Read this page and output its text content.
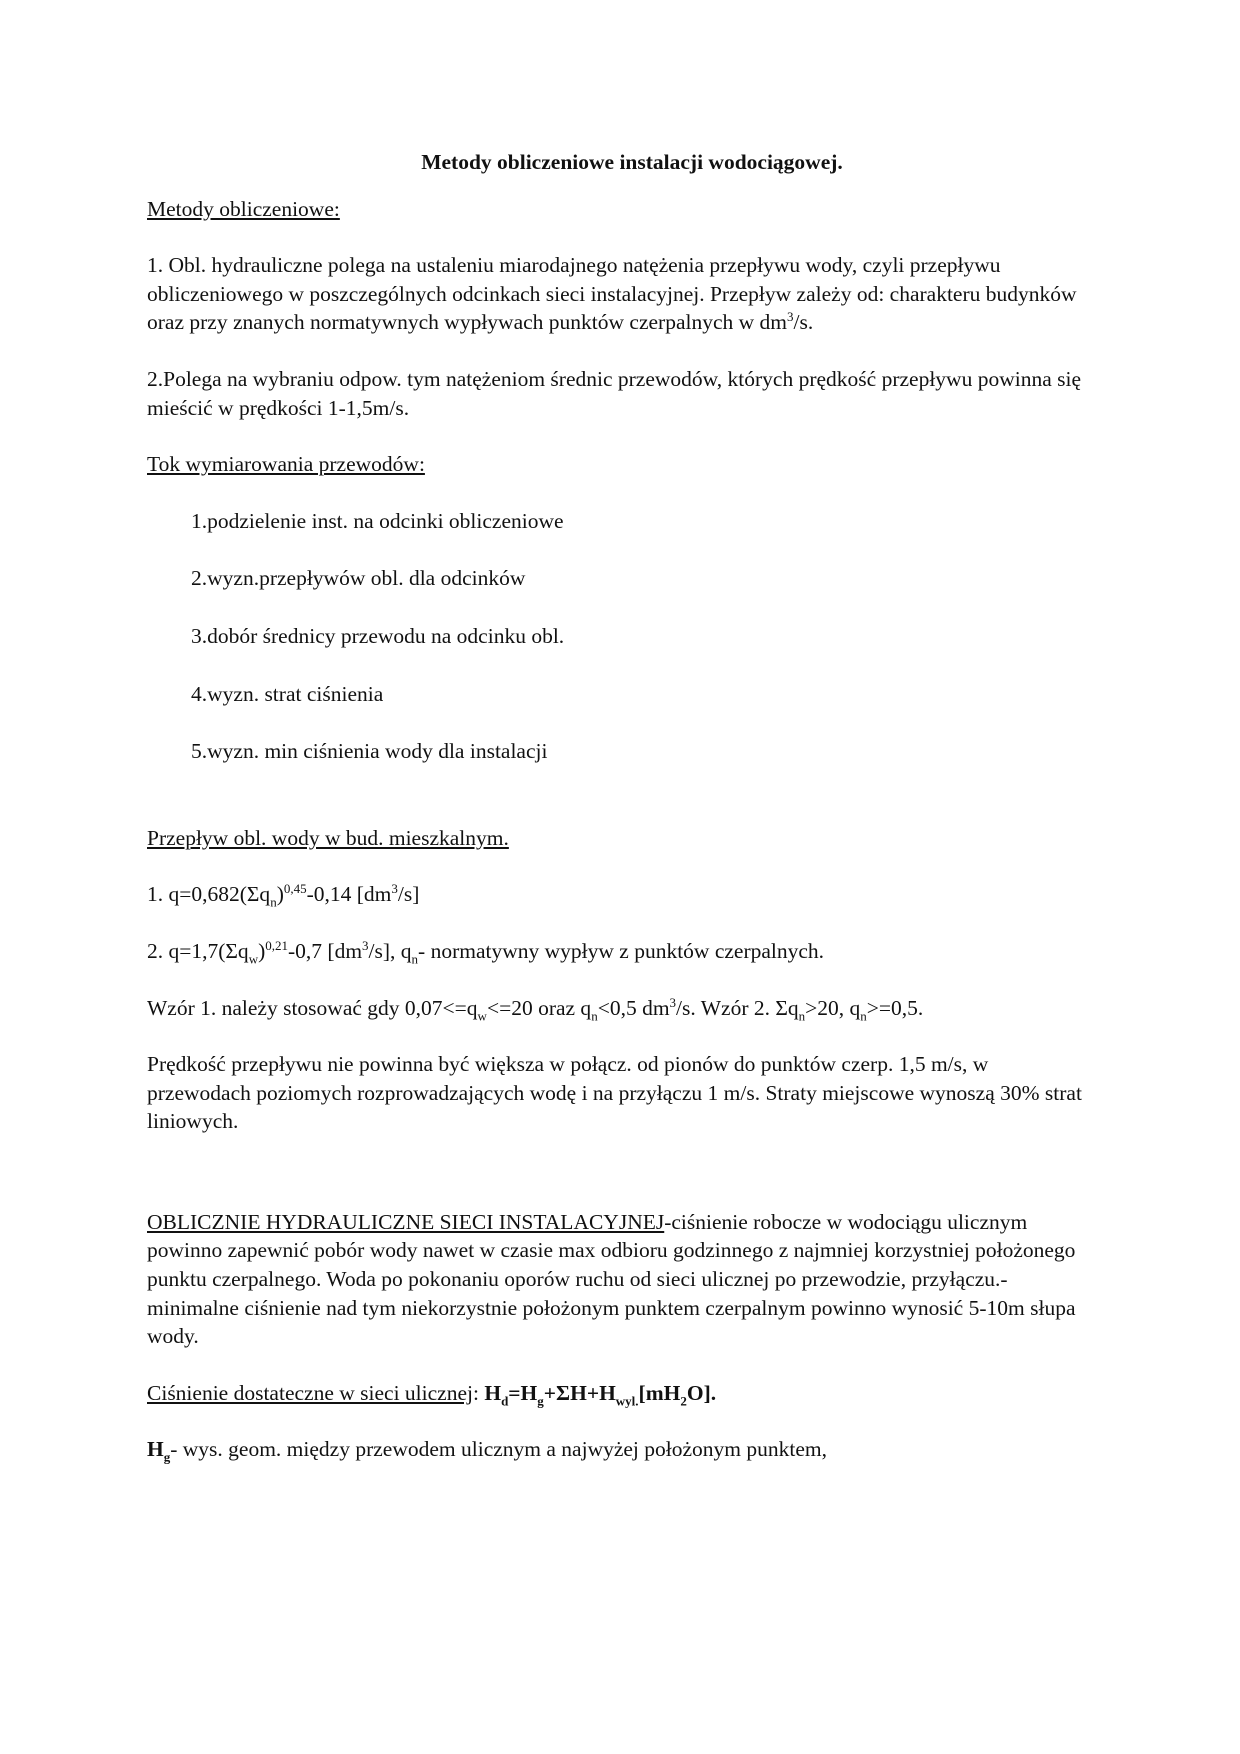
Metody obliczeniowe instalacji wodociągowej.

Metody obliczeniowe:

1. Obl. hydrauliczne polega na ustaleniu miarodajnego natężenia przepływu wody, czyli przepływu obliczeniowego w poszczególnych odcinkach sieci instalacyjnej. Przepływ zależy od: charakteru budynków oraz przy znanych normatywnych wypływach punktów czerpalnych w $dm^3/s$.

2.Polega na wybraniu odpow. tym natężeniom średnic przewodów, których prędkość przepływu powinna się mieścić w prędkości 1-1,5m/s.

Tok wymiarowania przewodów:

1.podzielenie inst. na odcinki obliczeniowe

2.wyzn.przepływów obl. dla odcinków

3.dobór średnicy przewodu na odcinku obl.

4.wyzn. strat ciśnienia

5.wyzn. min ciśnienia wody dla instalacji

Przepływ obl. wody w bud. mieszkalnym.

1. $q=0,682(\Sigma q_n)^{0,45}-0,14$ $[dm^3/s]$

2. $q=1,7(\Sigma q_w)^{0,21}-0,7$ $[dm^3/s]$, $q_n-$ normatywny wypływ z punktów czerpalnych.

Wzór 1. należy stosować gdy $0,07<=q_w<=20$ oraz $q_n<0,5$ $dm^3/s$. Wzór 2. $\Sigma q_n>20$, $q_n>=0,5$.

Prędkość przepływu nie powinna być większa w połącz. od pionów do punktów czerp. 1,5 m/s, w przewodach poziomych rozprowadzających wodę i na przyłączu 1 m/s. Straty miejscowe wynoszą 30% strat liniowych.

OBLICZNIE HYDRAULICZNE SIECI INSTALACYJNEJ-ciśnienie robocze w wodociągu ulicznym powinno zapewnić pobór wody nawet w czasie max odbioru godzinnego z najmniej korzystniej położonego punktu czerpalnego. Woda po pokonaniu oporów ruchu od sieci ulicznej po przewodzie, przyłączu.- minimalne ciśnienie nad tym niekorzystnie położonym punktem czerpalnym powinno wynosić 5-10m słupa wody.

Ciśnienie dostateczne w sieci ulicznej: $H_d=H_g+\Sigma H+H_{wyl.}[mH_2O]$.

$H_g-$ wys. geom. między przewodem ulicznym a najwyżej położonym punktem,
